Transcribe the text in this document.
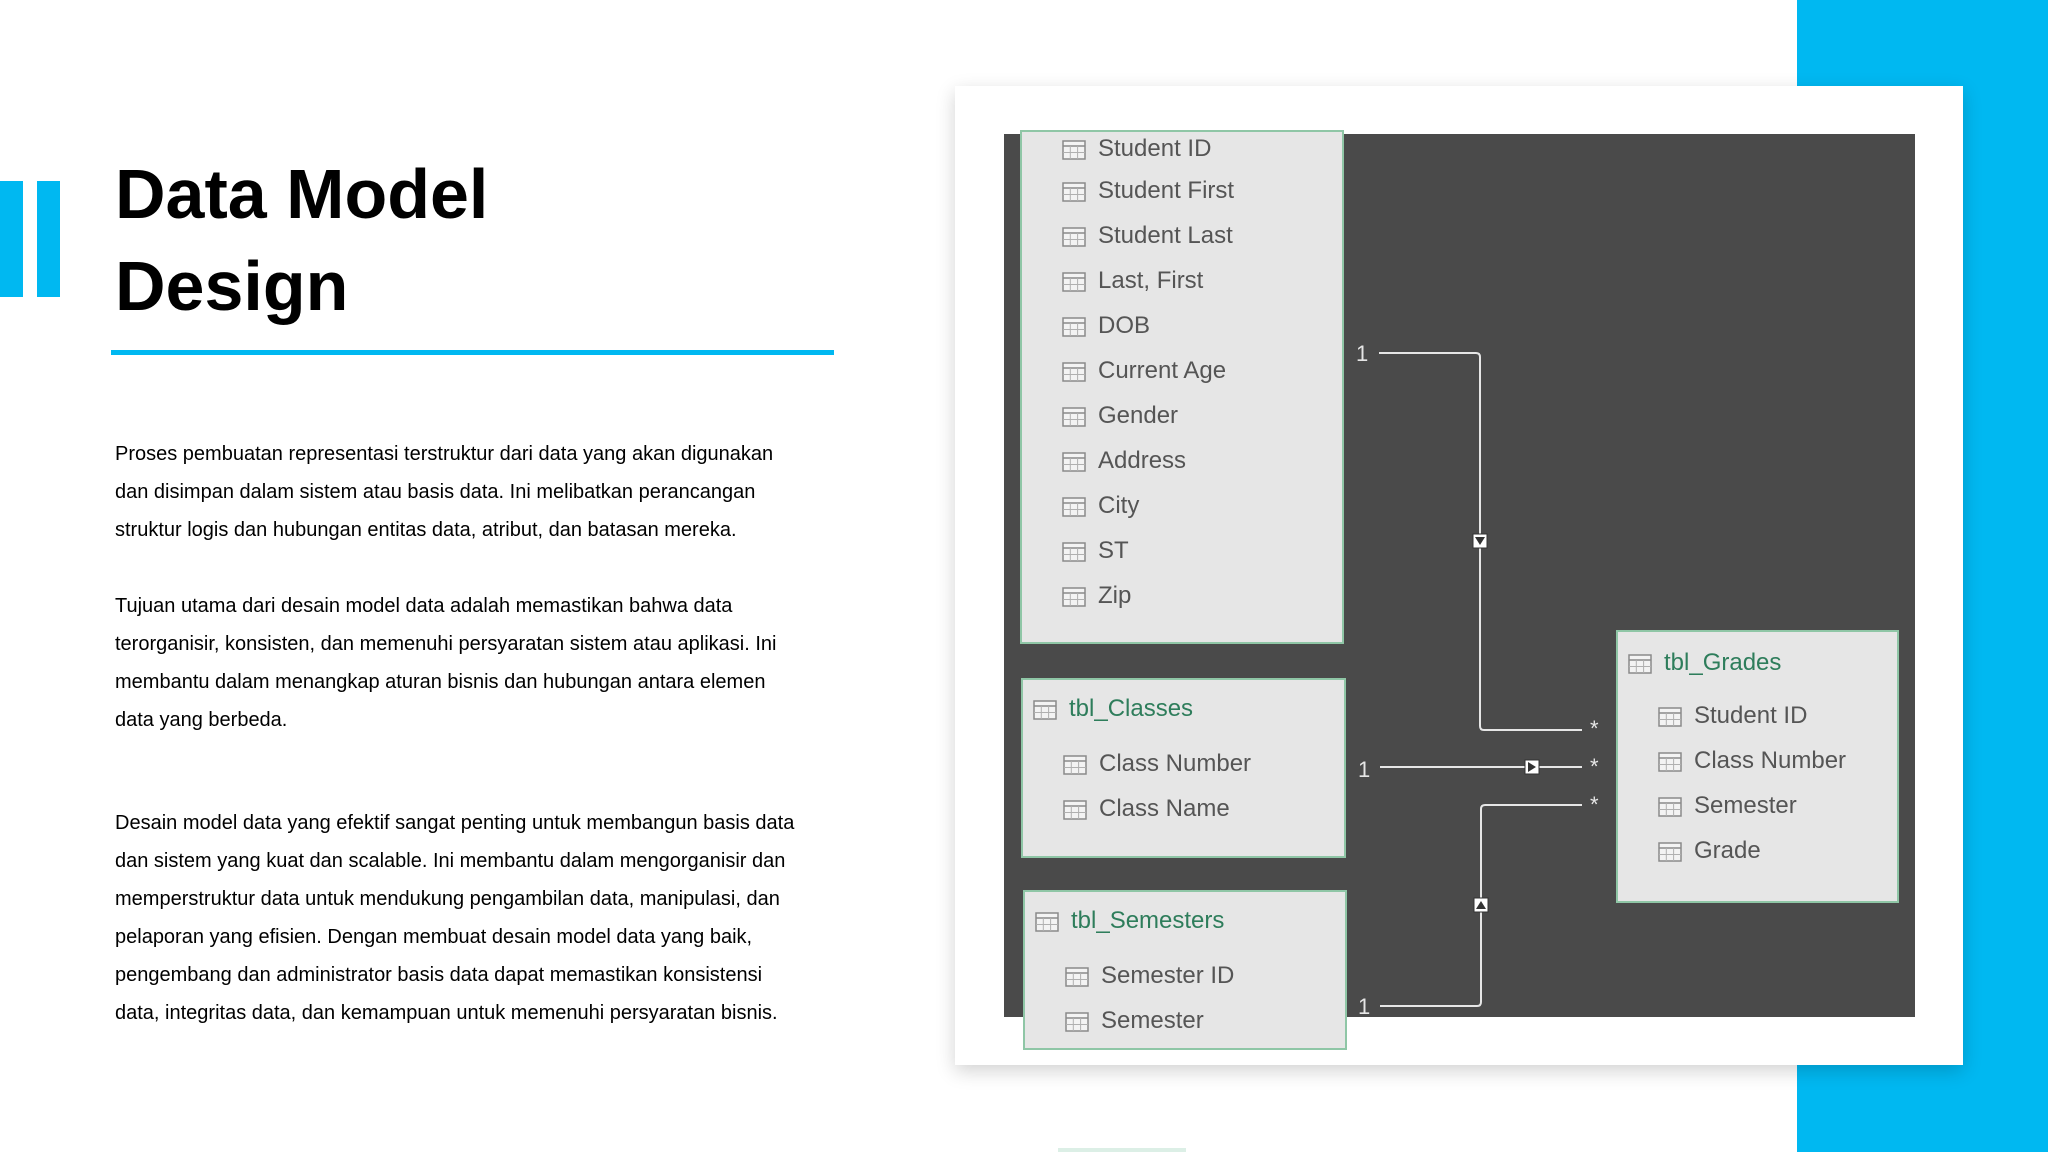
Data Model
Design

Proses pembuatan representasi terstruktur dari data yang akan digunakan
dan disimpan dalam sistem atau basis data. Ini melibatkan perancangan
struktur logis dan hubungan entitas data, atribut, dan batasan mereka.

Tujuan utama dari desain model data adalah memastikan bahwa data
terorganisir, konsisten, dan memenuhi persyaratan sistem atau aplikasi. Ini
membantu dalam menangkap aturan bisnis dan hubungan antara elemen
data yang berbeda.

Desain model data yang efektif sangat penting untuk membangun basis data
dan sistem yang kuat dan scalable. Ini membantu dalam mengorganisir dan
memperstruktur data untuk mendukung pengambilan data, manipulasi, dan
pelaporan yang efisien. Dengan membuat desain model data yang baik,
pengembang dan administrator basis data dapat memastikan konsistensi
data, integritas data, dan kemampuan untuk memenuhi persyaratan bisnis.

Student ID
Student First
Student Last
Last, First
DOB
Current Age
Gender
Address
City
ST
Zip
tbl_Classes
Class Number
Class Name
tbl_Semesters
Semester ID
Semester
tbl_Grades
Student ID
Class Number
Semester
Grade
1
1
1
*
*
*
